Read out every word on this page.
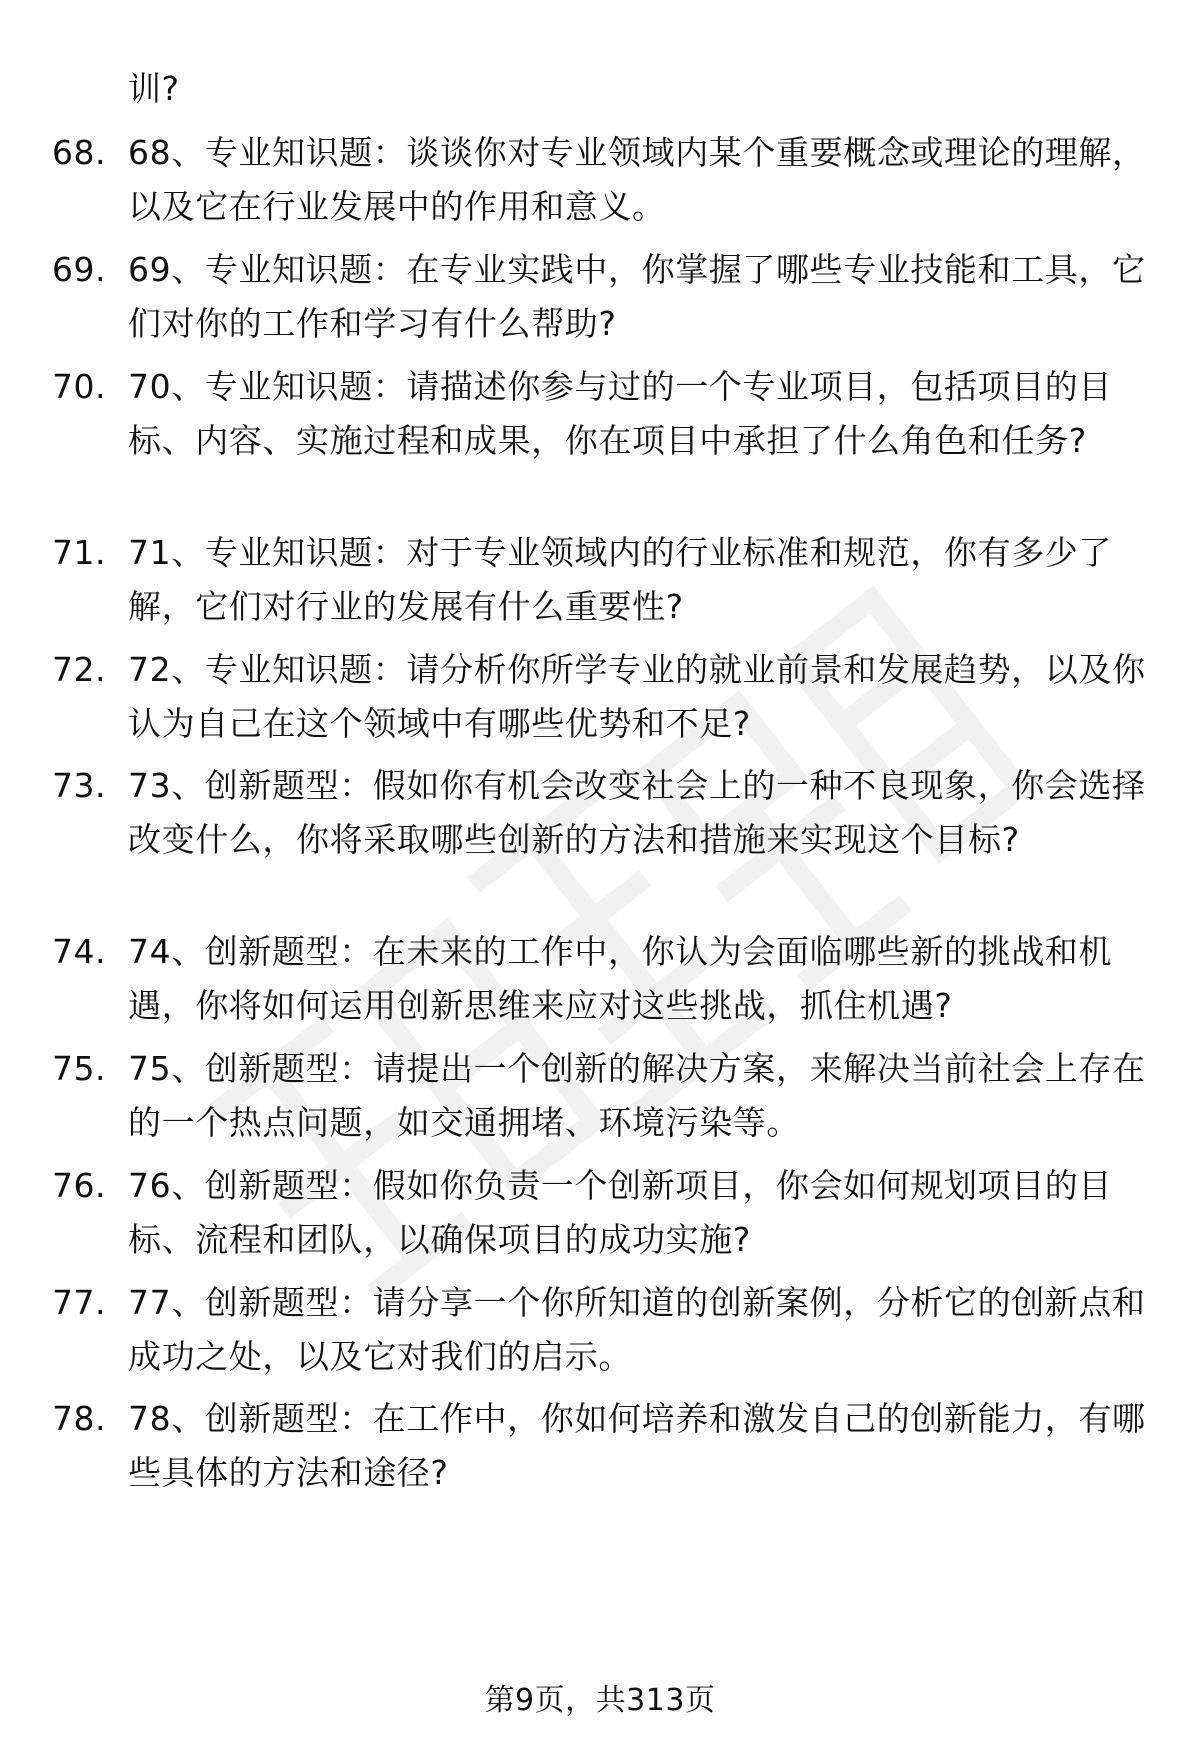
训?

68. 68、专业知识题：谈谈你对专业领域内某个重要概念或理论的理解，以及它在行业发展中的作用和意义。

69. 69、专业知识题：在专业实践中，你掌握了哪些专业技能和工具，它们对你的工作和学习有什么帮助?

70. 70、专业知识题：请描述你参与过的一个专业项目，包括项目的目标、内容、实施过程和成果，你在项目中承担了什么角色和任务?

71. 71、专业知识题：对于专业领域内的行业标准和规范，你有多少了解，它们对行业的发展有什么重要性?

72. 72、专业知识题：请分析你所学专业的就业前景和发展趋势，以及你认为自己在这个领域中有哪些优势和不足?

73. 73、创新题型：假如你有机会改变社会上的一种不良现象，你会选择改变什么，你将采取哪些创新的方法和措施来实现这个目标?

74. 74、创新题型：在未来的工作中，你认为会面临哪些新的挑战和机遇，你将如何运用创新思维来应对这些挑战，抓住机遇?

75. 75、创新题型：请提出一个创新的解决方案，来解决当前社会上存在的一个热点问题，如交通拥堵、环境污染等。

76. 76、创新题型：假如你负责一个创新项目，你会如何规划项目的目标、流程和团队，以确保项目的成功实施?

77. 77、创新题型：请分享一个你所知道的创新案例，分析它的创新点和成功之处，以及它对我们的启示。

78. 78、创新题型：在工作中，你如何培养和激发自己的创新能力，有哪些具体的方法和途径?

第9页，共313页
